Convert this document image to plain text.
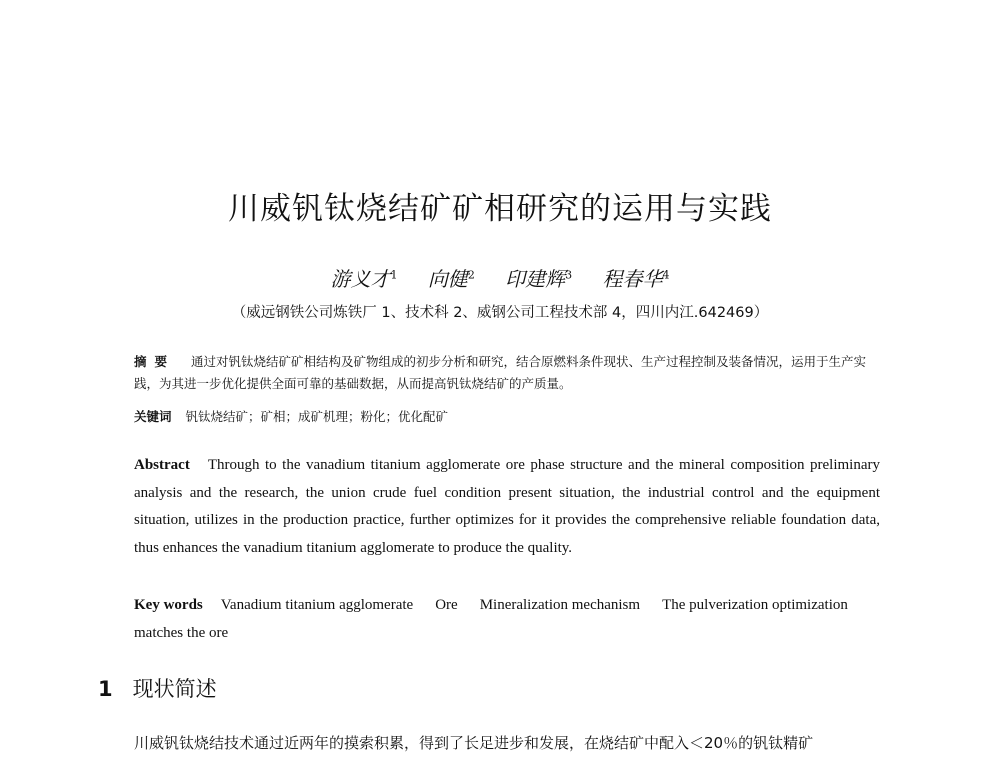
川威钒钛烧结矿矿相研究的运用与实践
游义才$^1$ 向健$^2$ 印建辉$^3$ 程春华$^4$
（威远钢铁公司炼铁厂 1、技术科 2、威钢公司工程技术部 4，四川内江.642469）
摘要 通过对钒钛烧结矿矿相结构及矿物组成的初步分析和研究，结合原燃料条件现状、生产过程控制及装备情况，运用于生产实践，为其进一步优化提供全面可靠的基础数据，从而提高钒钛烧结矿的产质量。
关键词 钒钛烧结矿；矿相；成矿机理；粉化；优化配矿
Abstract Through to the vanadium titanium agglomerate ore phase structure and the mineral composition preliminary analysis and the research, the union crude fuel condition present situation, the industrial control and the equipment situation, utilizes in the production practice, further optimizes for it provides the comprehensive reliable foundation data, thus enhances the vanadium titanium agglomerate to produce the quality.
Key words Vanadium titanium agglomerate Ore Mineralization mechanism The pulverization optimization matches the ore
1 现状简述
川威钒钛烧结技术通过近两年的摸索积累，得到了长足进步和发展，在烧结矿中配入＜20％的钒钛精矿
